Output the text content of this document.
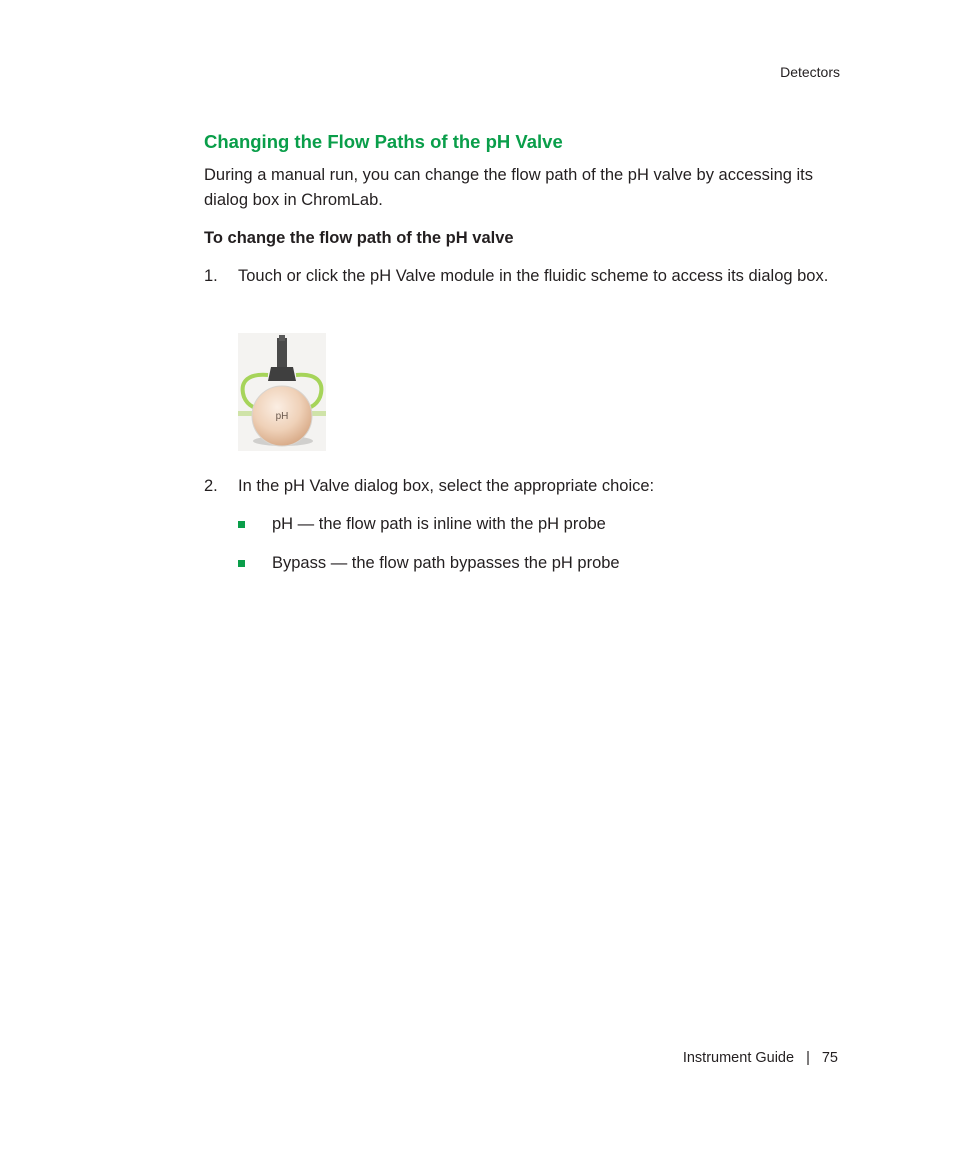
Detectors
Changing the Flow Paths of the pH Valve

During a manual run, you can change the flow path of the pH valve by accessing its dialog box in ChromLab.

To change the flow path of the pH valve

1. Touch or click the pH Valve module in the fluidic scheme to access its dialog box.
pH
2. In the pH Valve dialog box, select the appropriate choice:
pH — the flow path is inline with the pH probe
Bypass — the flow path bypasses the pH probe
Instrument Guide | 75
